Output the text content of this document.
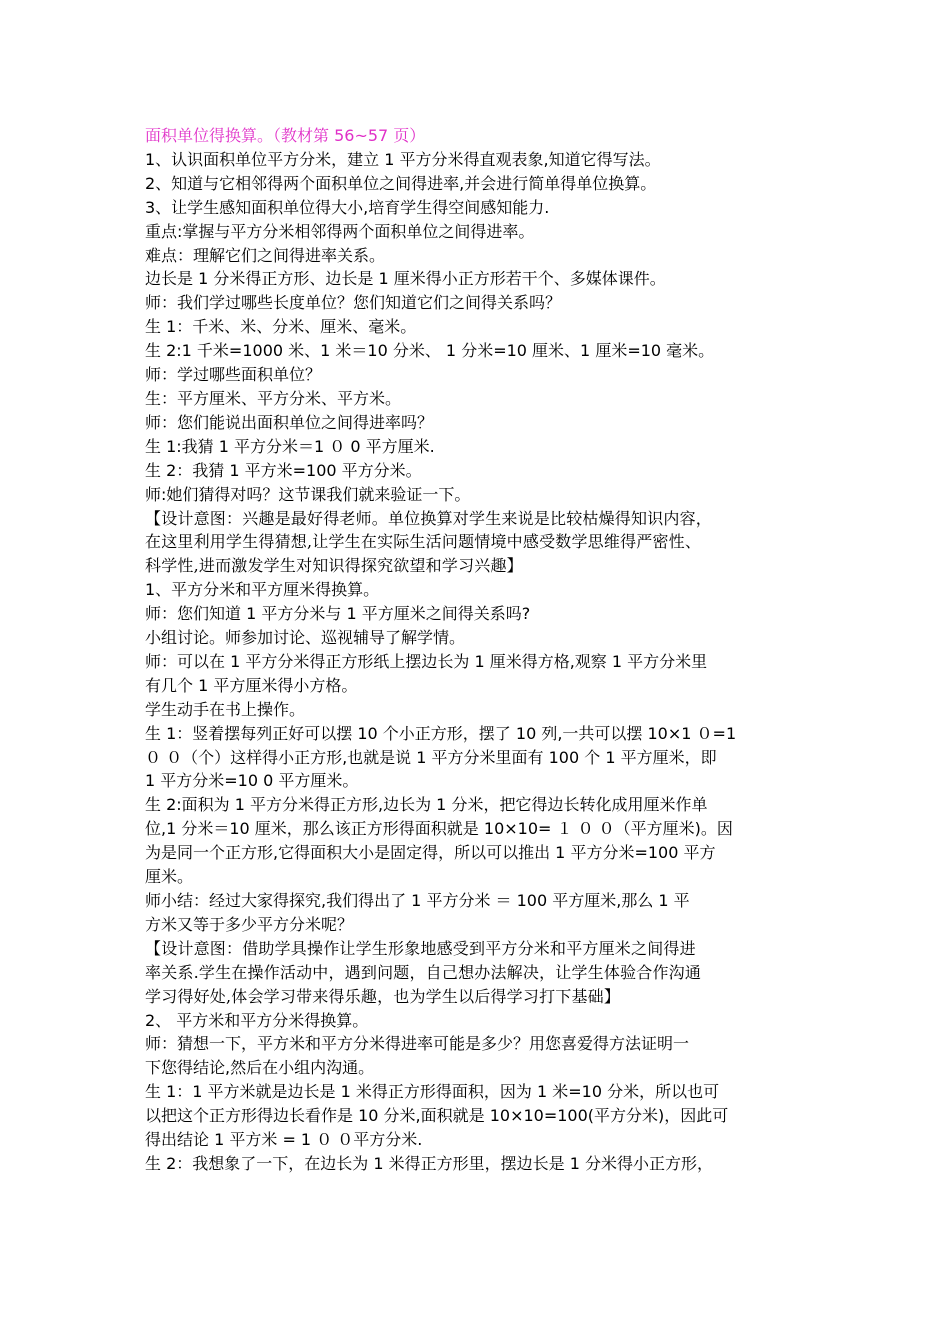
面积单位得换算。（教材第 56~57 页）
1、认识面积单位平方分米，建立 1 平方分米得直观表象,知道它得写法。
2、知道与它相邻得两个面积单位之间得进率,并会进行简单得单位换算。
3、让学生感知面积单位得大小,培育学生得空间感知能力.
重点:掌握与平方分米相邻得两个面积单位之间得进率。
难点：理解它们之间得进率关系。
边长是 1 分米得正方形、边长是 1 厘米得小正方形若干个、多媒体课件。
师：我们学过哪些长度单位？您们知道它们之间得关系吗？
生 1：千米、米、分米、厘米、毫米。
生 2:1 千米=1000 米、1 米＝10 分米、 1 分米=10 厘米、1 厘米=10 毫米。
师：学过哪些面积单位？
生：平方厘米、平方分米、平方米。
师：您们能说出面积单位之间得进率吗？
生 1:我猜 1 平方分米＝1 ０ 0 平方厘米.
生 2：我猜 1 平方米=100 平方分米。
师:她们猜得对吗？这节课我们就来验证一下。
【设计意图：兴趣是最好得老师。单位换算对学生来说是比较枯燥得知识内容，
在这里利用学生得猜想,让学生在实际生活问题情境中感受数学思维得严密性、
科学性,进而激发学生对知识得探究欲望和学习兴趣】
1、平方分米和平方厘米得换算。
师：您们知道 1 平方分米与 1 平方厘米之间得关系吗?
小组讨论。师参加讨论、巡视辅导了解学情。
师：可以在 1 平方分米得正方形纸上摆边长为 1 厘米得方格,观察 1 平方分米里
有几个 1 平方厘米得小方格。
学生动手在书上操作。
生 1：竖着摆每列正好可以摆 10 个小正方形，摆了 10 列,一共可以摆 10×1 ０=1
０ ０（个）这样得小正方形,也就是说 1 平方分米里面有 100 个 1 平方厘米，即
1 平方分米=10 0 平方厘米。
生 2:面积为 1 平方分米得正方形,边长为 1 分米，把它得边长转化成用厘米作单
位,1 分米＝10 厘米，那么该正方形得面积就是 10×10= １ ０ ０（平方厘米)。因
为是同一个正方形,它得面积大小是固定得，所以可以推出 1 平方分米=100 平方
厘米。
师小结：经过大家得探究,我们得出了 1 平方分米 ＝ 100 平方厘米,那么 1 平
方米又等于多少平方分米呢？
【设计意图：借助学具操作让学生形象地感受到平方分米和平方厘米之间得进
率关系.学生在操作活动中，遇到问题，自己想办法解决，让学生体验合作沟通
学习得好处,体会学习带来得乐趣，也为学生以后得学习打下基础】
2、 平方米和平方分米得换算。
师：猜想一下，平方米和平方分米得进率可能是多少？用您喜爱得方法证明一
下您得结论,然后在小组内沟通。
生 1：1 平方米就是边长是 1 米得正方形得面积，因为 1 米=10 分米，所以也可
以把这个正方形得边长看作是 10 分米,面积就是 10×10=100(平方分米)，因此可
得出结论 1 平方米 = 1 ０ ０平方分米.
生 2：我想象了一下，在边长为 1 米得正方形里，摆边长是 1 分米得小正方形，
